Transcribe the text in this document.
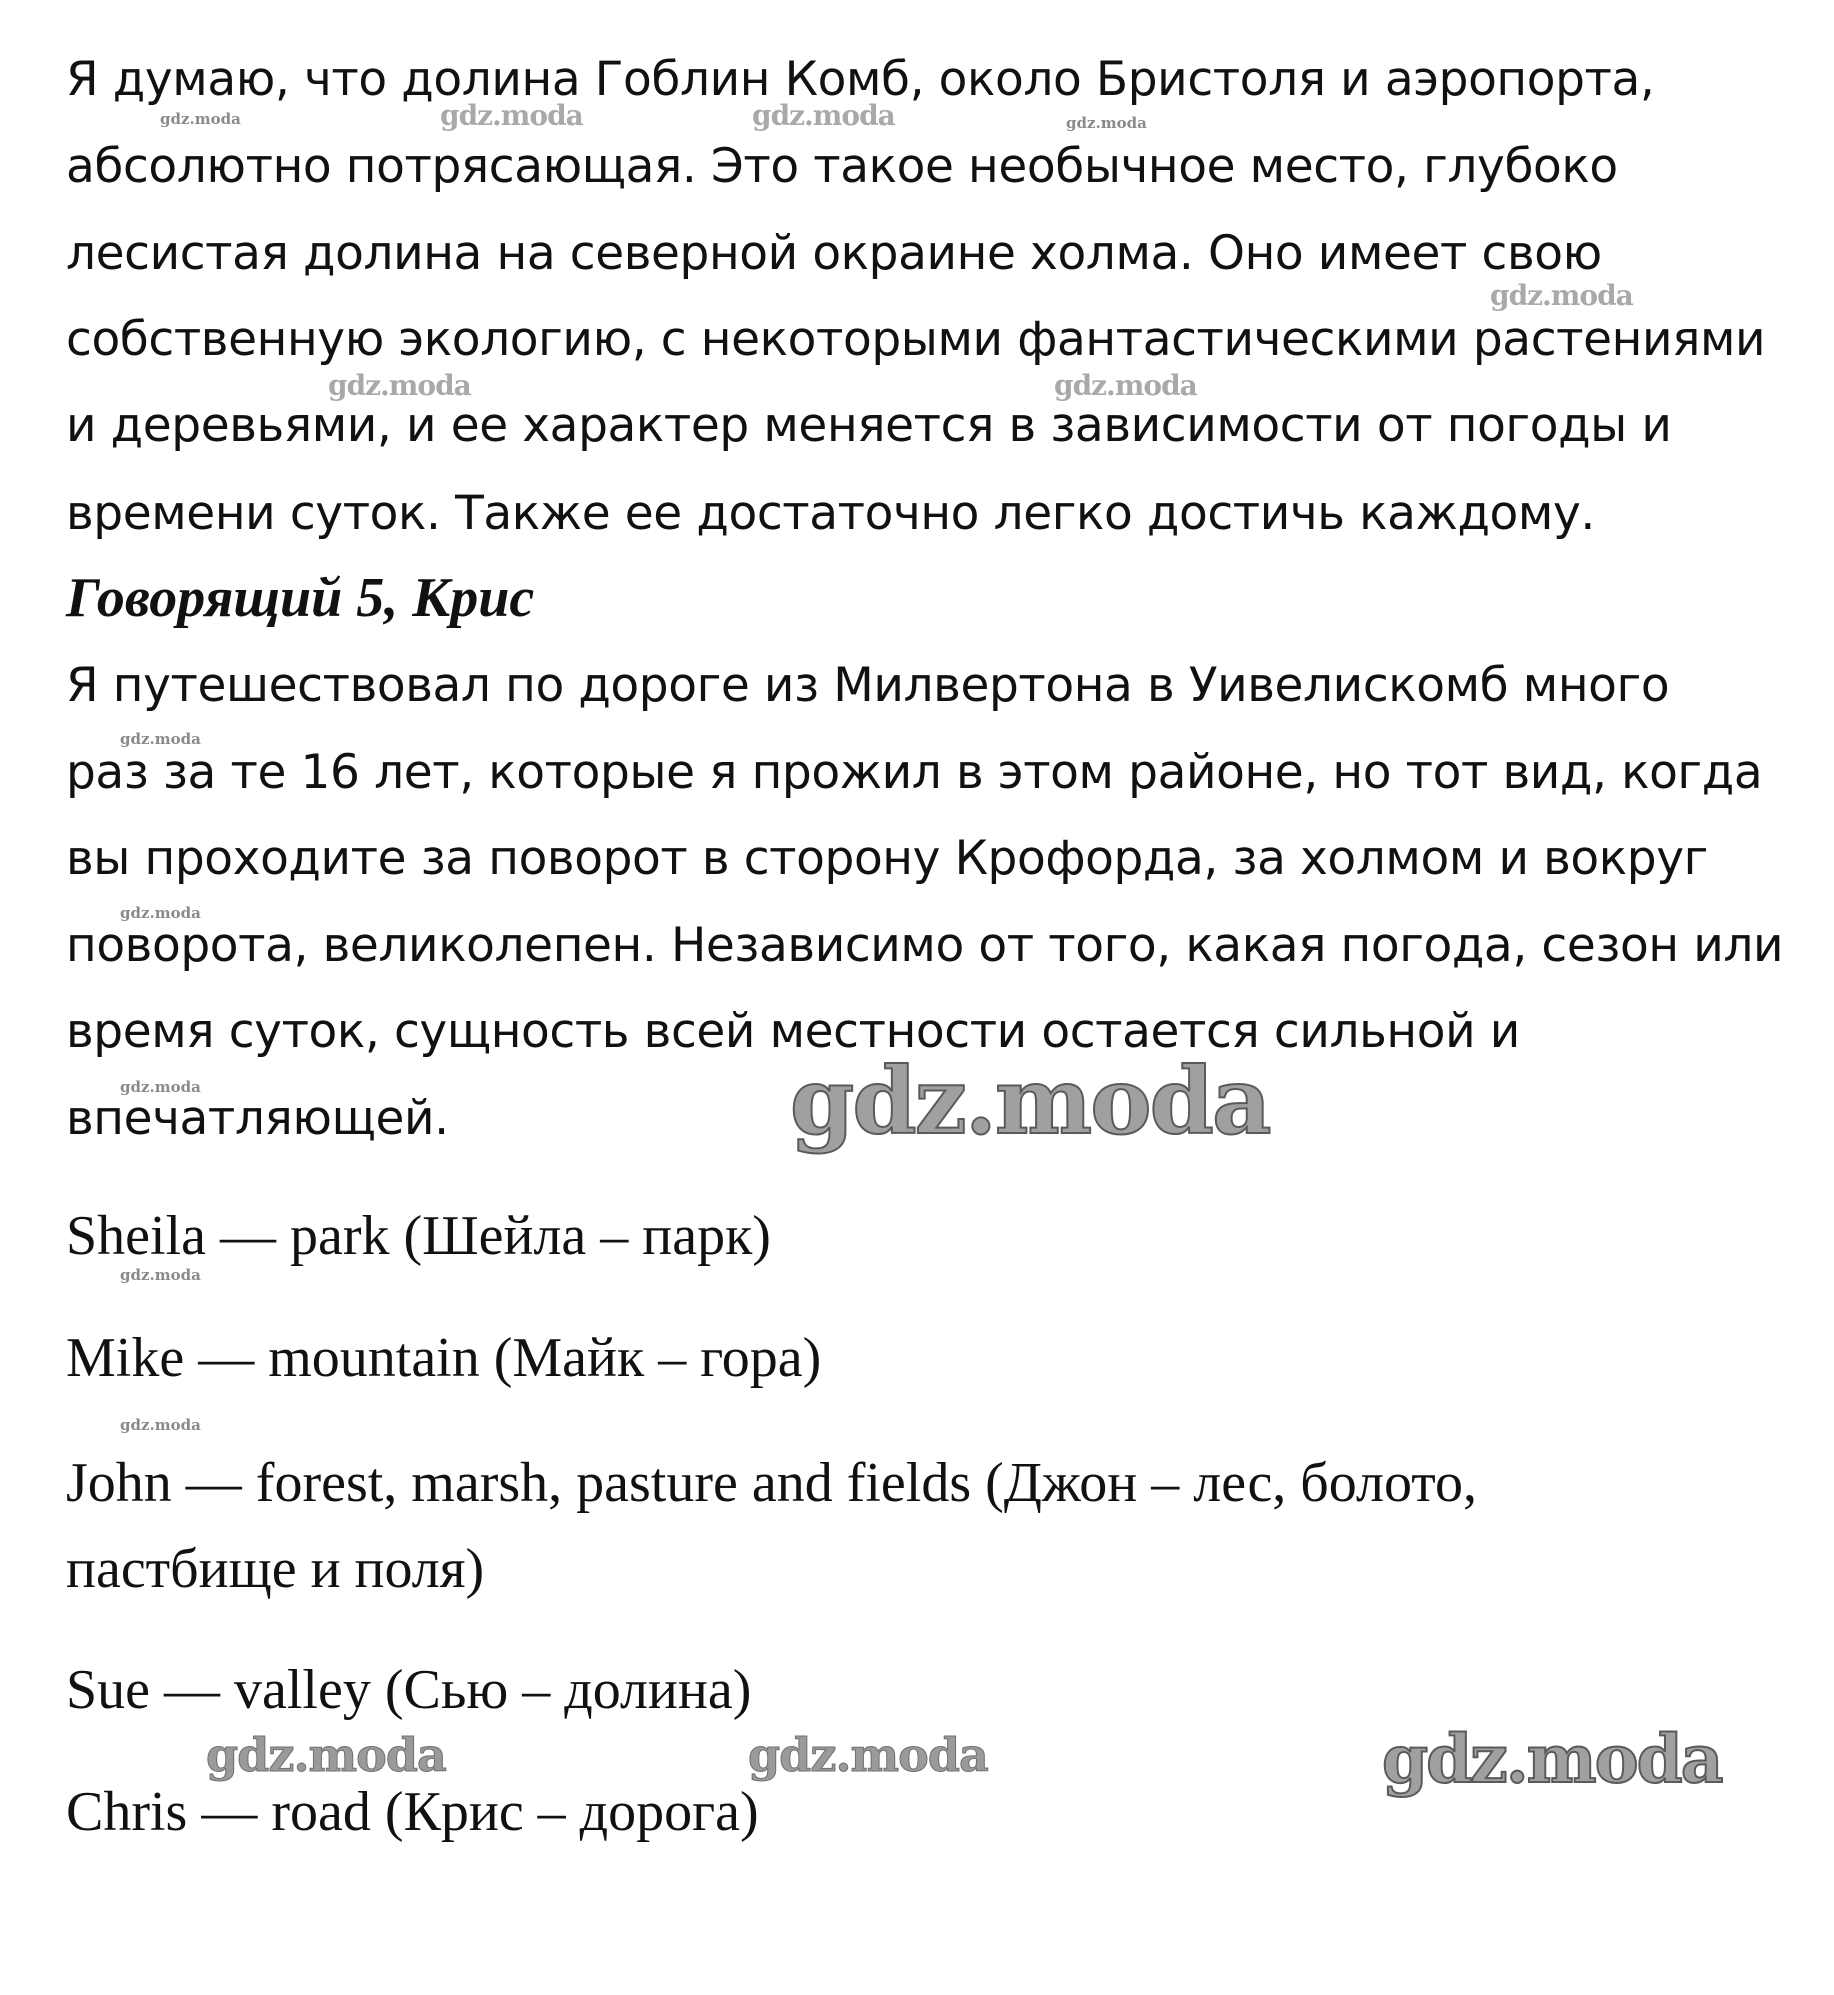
Я думаю, что долина Гоблин Комб, около Бристоля и аэропорта,
абсолютно потрясающая. Это такое необычное место, глубоко
лесистая долина на северной окраине холма. Оно имеет свою
собственную экологию, с некоторыми фантастическими растениями
и деревьями, и ее характер меняется в зависимости от погоды и
времени суток. Также ее достаточно легко достичь каждому.
Говорящий 5, Крис
Я путешествовал по дороге из Милвертона в Уивелискомб много
раз за те 16 лет, которые я прожил в этом районе, но тот вид, когда
вы проходите за поворот в сторону Крофорда, за холмом и вокруг
поворота, великолепен. Независимо от того, какая погода, сезон или
время суток, сущность всей местности остается сильной и
впечатляющей.
Sheila — park (Шейла – парк)
Mike — mountain (Майк – гора)
John — forest, marsh, pasture and fields (Джон – лес, болото,
пастбище и поля)
Sue — valley (Сью – долина)
Chris — road (Крис – дорога)
gdz.moda	gdz.moda	gdz.moda	gdz.moda
gdz.moda
gdz.moda	gdz.moda
gdz.moda
gdz.moda
gdz.moda	gdz.moda
gdz.moda
gdz.moda
gdz.moda	gdz.moda	gdz.moda
